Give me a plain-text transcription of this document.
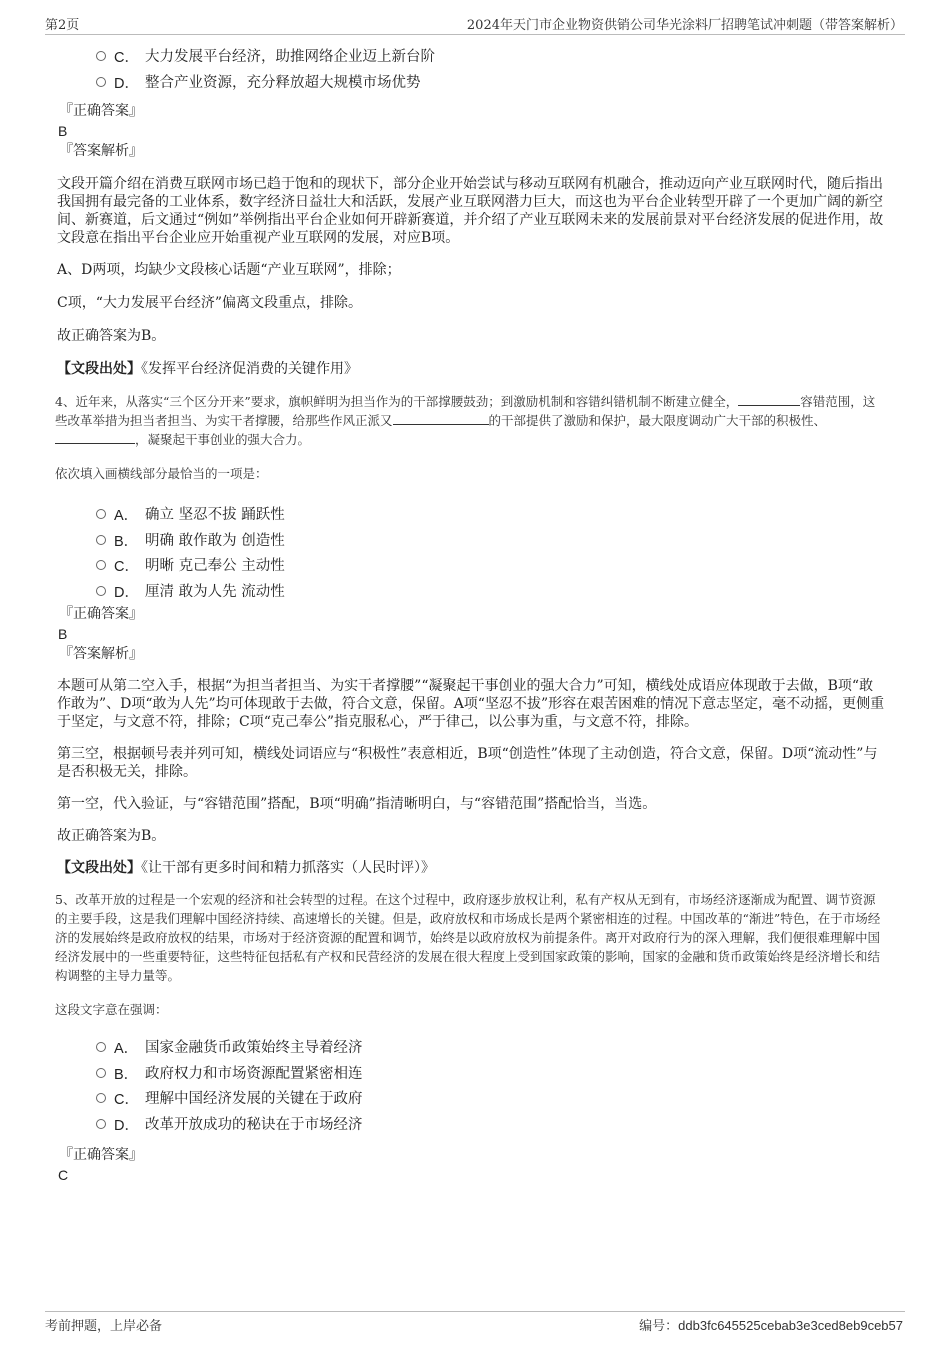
第2页	2024年天门市企业物资供销公司华光涂料厂招聘笔试冲刺题（带答案解析）
C． 大力发展平台经济，助推网络企业迈上新台阶
D． 整合产业资源，充分释放超大规模市场优势
『正确答案』
B
『答案解析』

文段开篇介绍在消费互联网市场已趋于饱和的现状下，部分企业开始尝试与移动互联网有机融合，推动迈向产业互联网时代，随后指出我国拥有最完备的工业体系，数字经济日益壮大和活跃，发展产业互联网潜力巨大，而这也为平台企业转型开辟了一个更加广阔的新空间、新赛道，后文通过“例如”举例指出平台企业如何开辟新赛道，并介绍了产业互联网未来的发展前景对平台经济发展的促进作用，故文段意在指出平台企业应开始重视产业互联网的发展，对应B项。

A、D两项，均缺少文段核心话题“产业互联网”，排除；

C项，“大力发展平台经济”偏离文段重点，排除。

故正确答案为B。

【文段出处】《发挥平台经济促消费的关键作用》

4、近年来，从落实“三个区分开来”要求，旗帜鲜明为担当作为的干部撑腰鼓劲；到激励机制和容错纠错机制不断建立健全，	容错范围，这些改革举措为担当者担当、为实干者撑腰，给那些作风正派又	的干部提供了激励和保护，最大限度调动广大干部的积极性、，凝聚起干事创业的强大合力。

依次填入画横线部分最恰当的一项是：

A． 确立 坚忍不拔 踊跃性
B． 明确 敢作敢为 创造性
C． 明晰 克己奉公 主动性
D． 厘清 敢为人先 流动性
『正确答案』
B
『答案解析』

本题可从第二空入手，根据“为担当者担当、为实干者撑腰”“凝聚起干事创业的强大合力”可知，横线处成语应体现敢于去做，B项“敢作敢为”、D项“敢为人先”均可体现敢于去做，符合文意，保留。A项“坚忍不拔”形容在艰苦困难的情况下意志坚定，毫不动摇，更侧重于坚定，与文意不符，排除；C项“克己奉公”指克服私心，严于律己，以公事为重，与文意不符，排除。

第三空，根据顿号表并列可知，横线处词语应与“积极性”表意相近，B项“创造性”体现了主动创造，符合文意，保留。D项“流动性”与是否积极无关，排除。

第一空，代入验证，与“容错范围”搭配，B项“明确”指清晰明白，与“容错范围”搭配恰当，当选。

故正确答案为B。

【文段出处】《让干部有更多时间和精力抓落实（人民时评）》

5、改革开放的过程是一个宏观的经济和社会转型的过程。在这个过程中，政府逐步放权让利，私有产权从无到有，市场经济逐渐成为配置、调节资源的主要手段，这是我们理解中国经济持续、高速增长的关键。但是，政府放权和市场成长是两个紧密相连的过程。中国改革的“渐进”特色，在于市场经济的发展始终是政府放权的结果，市场对于经济资源的配置和调节，始终是以政府放权为前提条件。离开对政府行为的深入理解，我们便很难理解中国经济发展中的一些重要特征，这些特征包括私有产权和民营经济的发展在很大程度上受到国家政策的影响，国家的金融和货币政策始终是经济增长和结构调整的主导力量等。

这段文字意在强调：

A． 国家金融货币政策始终主导着经济
B． 政府权力和市场资源配置紧密相连
C． 理解中国经济发展的关键在于政府
D． 改革开放成功的秘诀在于市场经济
『正确答案』
C
考前押题，上岸必备	编号：ddb3fc645525cebab3e3ced8eb9ceb57
